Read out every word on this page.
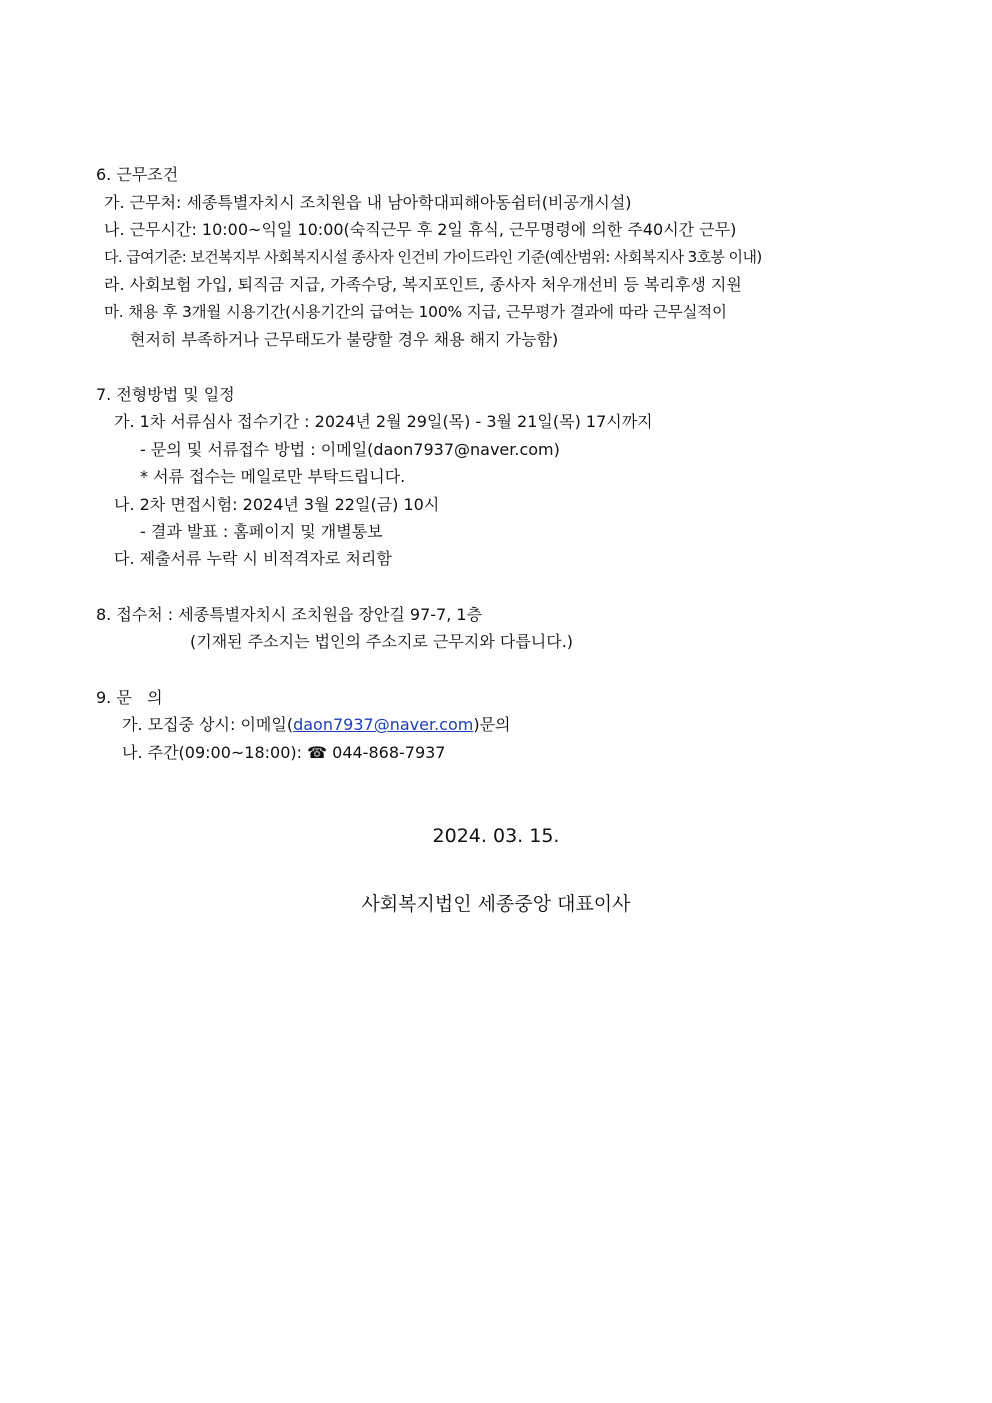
6. 근무조건
가. 근무처: 세종특별자치시 조치원읍 내 남아학대피해아동쉼터(비공개시설)
나. 근무시간: 10:00~익일 10:00(숙직근무 후 2일 휴식, 근무명령에 의한 주40시간 근무)
다. 급여기준: 보건복지부 사회복지시설 종사자 인건비 가이드라인 기준(예산범위: 사회복지사 3호봉 이내)
라. 사회보험 가입, 퇴직금 지급, 가족수당, 복지포인트, 종사자 처우개선비 등 복리후생 지원
마. 채용 후 3개월 시용기간(시용기간의 급여는 100% 지급, 근무평가 결과에 따라 근무실적이
현저히 부족하거나 근무태도가 불량할 경우 채용 해지 가능함)
7. 전형방법 및 일정
가. 1차 서류심사 접수기간 : 2024년 2월 29일(목) - 3월 21일(목) 17시까지
- 문의 및 서류접수 방법 : 이메일(daon7937@naver.com)
* 서류 접수는 메일로만 부탁드립니다.
나. 2차 면접시험: 2024년 3월 22일(금) 10시
- 결과 발표 : 홈페이지 및 개별통보
다. 제출서류 누락 시 비적격자로 처리함
8. 접수처 : 세종특별자치시 조치원읍 장안길 97-7, 1층
(기재된 주소지는 법인의 주소지로 근무지와 다릅니다.)
9. 문   의
가. 모집중 상시: 이메일(daon7937@naver.com)문의
나. 주간(09:00~18:00): ☎ 044-868-7937
2024. 03. 15.
사회복지법인 세종중앙 대표이사
